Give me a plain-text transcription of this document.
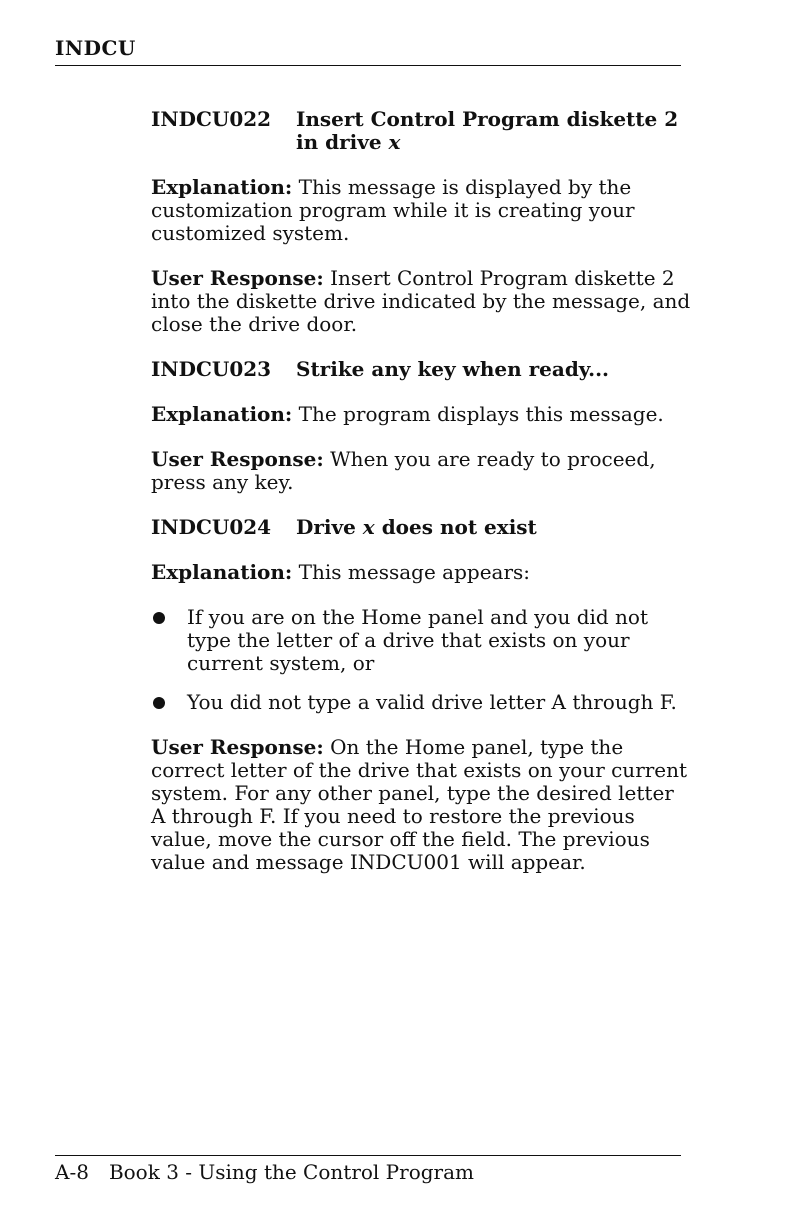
INDCU
INDCU022	Insert Control Program diskette 2 in drive x

Explanation: This message is displayed by the customization program while it is creating your customized system.

User Response: Insert Control Program diskette 2 into the diskette drive indicated by the message, and close the drive door.

INDCU023	Strike any key when ready...

Explanation: The program displays this message.

User Response: When you are ready to proceed, press any key.

INDCU024	Drive x does not exist

Explanation: This message appears:

If you are on the Home panel and you did not type the letter of a drive that exists on your current system, or
You did not type a valid drive letter A through F.

User Response: On the Home panel, type the correct letter of the drive that exists on your current system. For any other panel, type the desired letter A through F. If you need to restore the previous value, move the cursor off the field. The previous value and message INDCU001 will appear.

A-8 Book 3 - Using the Control Program
